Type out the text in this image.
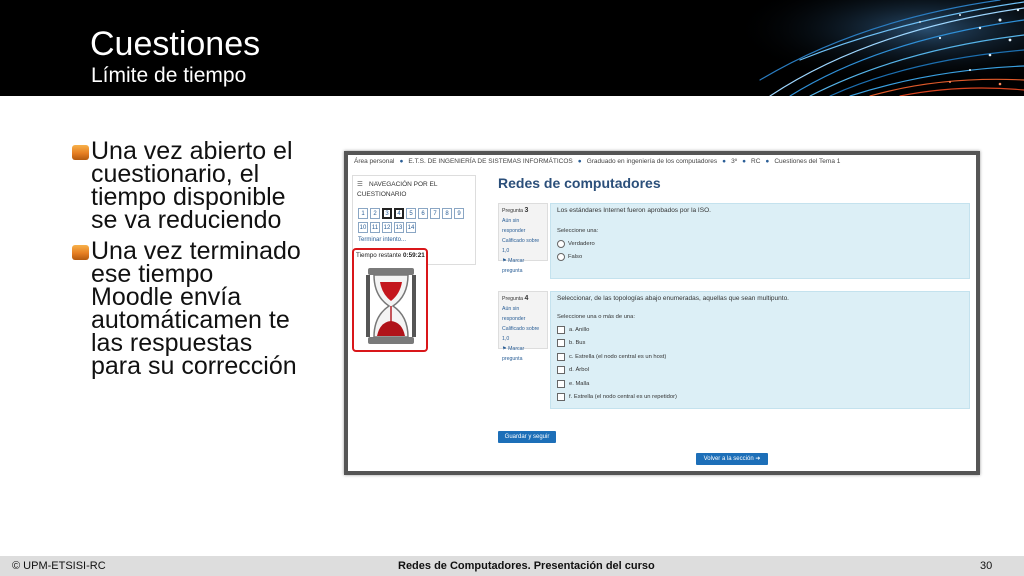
Cuestiones
Límite de tiempo
Una vez abierto el cuestionario, el tiempo disponible se va reduciendo
Una vez terminado ese tiempo Moodle envía automáticamen te las respuestas para su corrección
Área personal ● E.T.S. DE INGENIERÍA DE SISTEMAS INFORMÁTICOS ● Graduado en ingeniería de los computadores ● 3º ● RC ● Cuestiones del Tema 1
☰ NAVEGACIÓN POR EL CUESTIONARIO
1	2	3	4	5	6	7	8	9
10 11 12 13 14
Terminar intento...
Tiempo restante 0:59:21
Redes de computadores
Pregunta 3
Aún sin responder
Calificado sobre 1,0
⚑ Marcar pregunta
Los estándares Internet fueron aprobados por la ISO.
Seleccione una:
Verdadero
Falso
Pregunta 4
Aún sin responder
Calificado sobre 1,0
⚑ Marcar pregunta
Seleccionar, de las topologías abajo enumeradas, aquellas que sean multipunto.
Seleccione una o más de una:
a. Anillo
b. Bus
c. Estrella (el nodo central es un host)
d. Árbol
e. Malla
f. Estrella (el nodo central es un repetidor)
Guardar y seguir
Volver a la sección ➜
© UPM-ETSISI-RC	Redes de Computadores. Presentación del curso	30
